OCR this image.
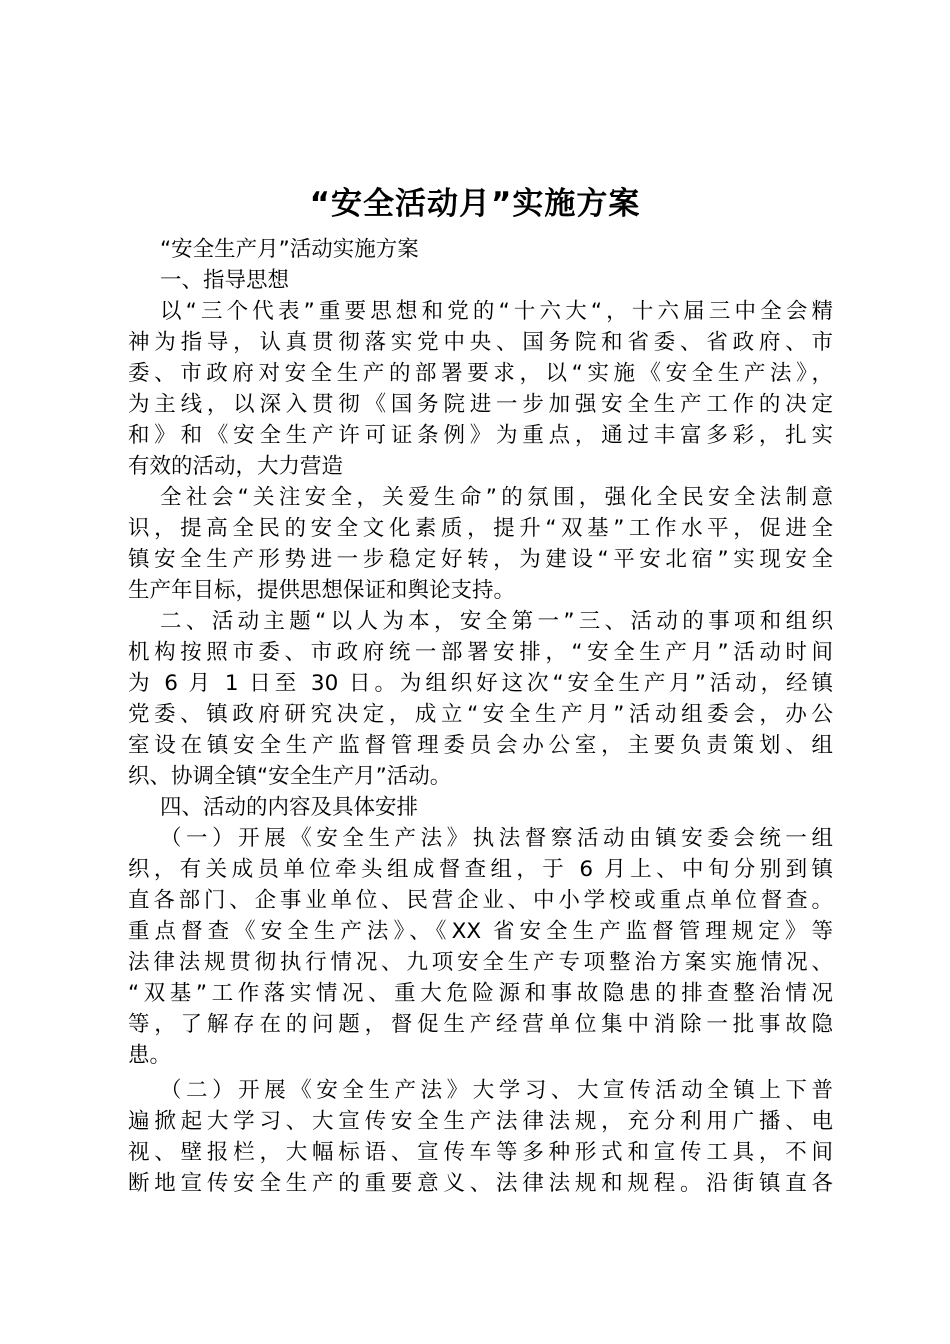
“安全活动月”实施方案
“安全生产月”活动实施方案
一、指导思想
以“三个代表”重要思想和党的“十六大“，十六届三中全会精
神为指导，认真贯彻落实党中央、国务院和省委、省政府、市
委、市政府对安全生产的部署要求，以“实施《安全生产法》，
为主线，以深入贯彻《国务院进一步加强安全生产工作的决定
和》和《安全生产许可证条例》为重点，通过丰富多彩，扎实
有效的活动，大力营造
全社会“关注安全，关爱生命”的氛围，强化全民安全法制意
识，提高全民的安全文化素质，提升“双基”工作水平，促进全
镇安全生产形势进一步稳定好转，为建设“平安北宿”实现安全
生产年目标，提供思想保证和舆论支持。
二、活动主题“以人为本，安全第一”三、活动的事项和组织
机构按照市委、市政府统一部署安排，“安全生产月”活动时间
为 6 月 1 日至 30 日。为组织好这次“安全生产月”活动，经镇
党委、镇政府研究决定，成立“安全生产月”活动组委会，办公
室设在镇安全生产监督管理委员会办公室，主要负责策划、组
织、协调全镇“安全生产月”活动。
四、活动的内容及具体安排
（一）开展《安全生产法》执法督察活动由镇安委会统一组
织，有关成员单位牵头组成督查组，于 6 月上、中旬分别到镇
直各部门、企事业单位、民营企业、中小学校或重点单位督查。
重点督查《安全生产法》、《XX 省安全生产监督管理规定》等
法律法规贯彻执行情况、九项安全生产专项整治方案实施情况、
“双基”工作落实情况、重大危险源和事故隐患的排查整治情况
等，了解存在的问题，督促生产经营单位集中消除一批事故隐
患。
（二）开展《安全生产法》大学习、大宣传活动全镇上下普
遍掀起大学习、大宣传安全生产法律法规，充分利用广播、电
视、壁报栏，大幅标语、宣传车等多种形式和宣传工具，不间
断地宣传安全生产的重要意义、法律法规和规程。沿街镇直各
